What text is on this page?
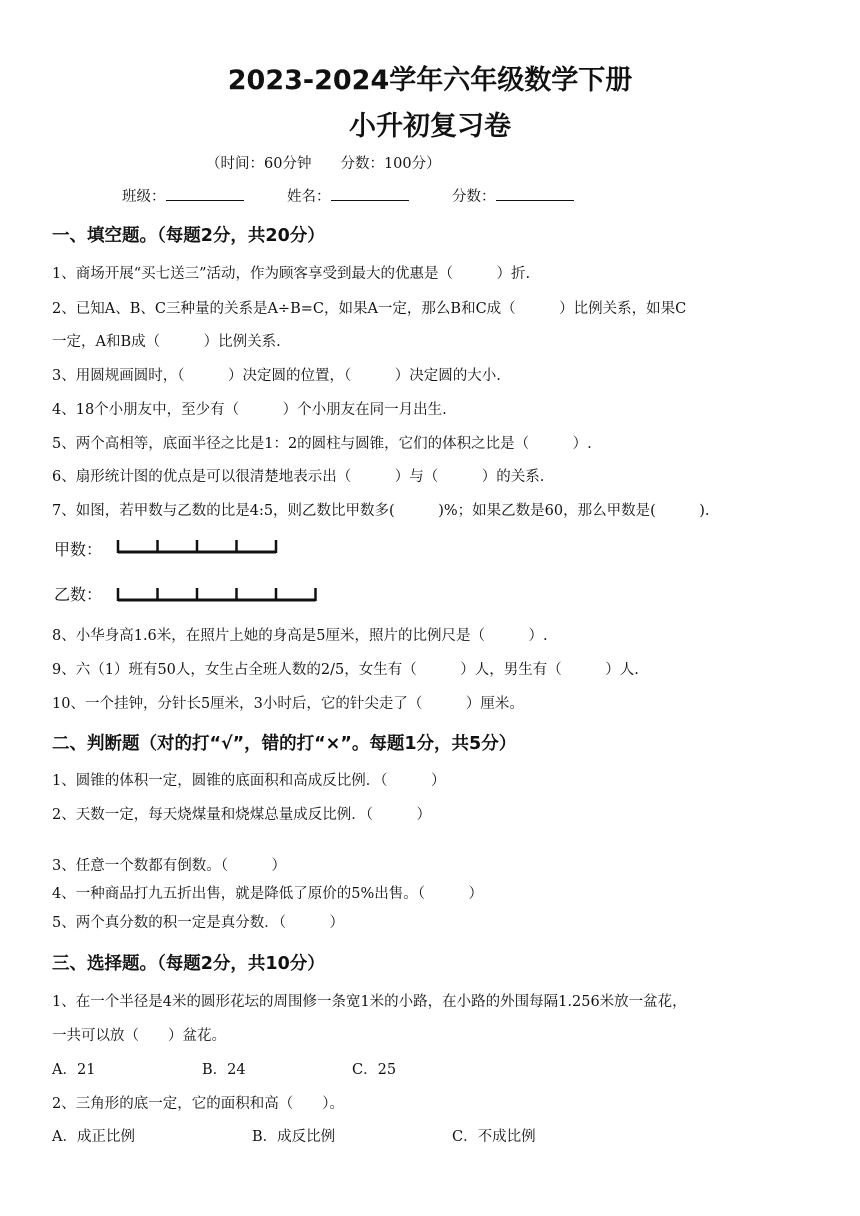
2023-2024学年六年级数学下册
小升初复习卷
（时间：60分钟　　分数：100分）
班级：	姓名：	分数：
一、填空题。（每题2分，共20分）
1、商场开展“买七送三”活动，作为顾客享受到最大的优惠是（　　　）折.
2、已知A、B、C三种量的关系是A÷B=C，如果A一定，那么B和C成（　　　）比例关系，如果C
一定，A和B成（　　　）比例关系.
3、用圆规画圆时，（　　　）决定圆的位置，（　　　）决定圆的大小.
4、18个小朋友中，至少有（　　　）个小朋友在同一月出生.
5、两个高相等，底面半径之比是1：2的圆柱与圆锥，它们的体积之比是（　　　）.
6、扇形统计图的优点是可以很清楚地表示出（　　　）与（　　　）的关系.
7、如图，若甲数与乙数的比是4:5，则乙数比甲数多(　　　)%；如果乙数是60，那么甲数是(　　　).
甲数：
乙数：
8、小华身高1.6米，在照片上她的身高是5厘米，照片的比例尺是（　　　）.
9、六（1）班有50人，女生占全班人数的2/5，女生有（　　　）人，男生有（　　　）人.
10、一个挂钟，分针长5厘米，3小时后，它的针尖走了（　　　）厘米。
二、判断题（对的打“√”，错的打“×”。每题1分，共5分）
1、圆锥的体积一定，圆锥的底面积和高成反比例．（　　　）
2、天数一定，每天烧煤量和烧煤总量成反比例．（　　　）
3、任意一个数都有倒数。（　　　）
4、一种商品打九五折出售，就是降低了原价的5%出售。（　　　）
5、两个真分数的积一定是真分数．（　　　）
三、选择题。（每题2分，共10分）
1、在一个半径是4米的圆形花坛的周围修一条宽1米的小路，在小路的外围每隔1.256米放一盆花，
一共可以放（　　）盆花。
A．21	B．24	C．25
2、三角形的底一定，它的面积和高（　　）。
A．成正比例	B．成反比例	C．不成比例
